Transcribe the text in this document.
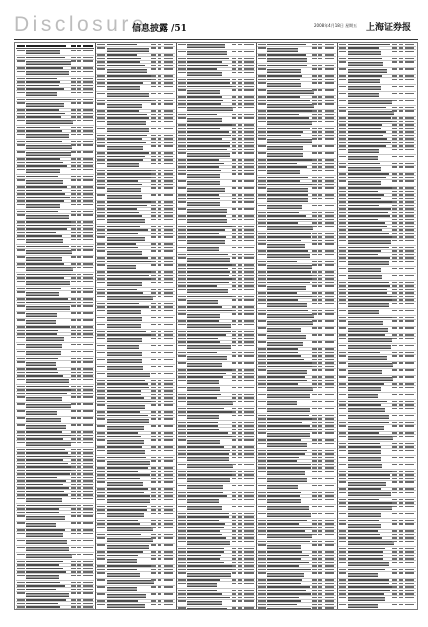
Disclosure
信息披露 /51	2008年4月18日 星期五 上海证券报
